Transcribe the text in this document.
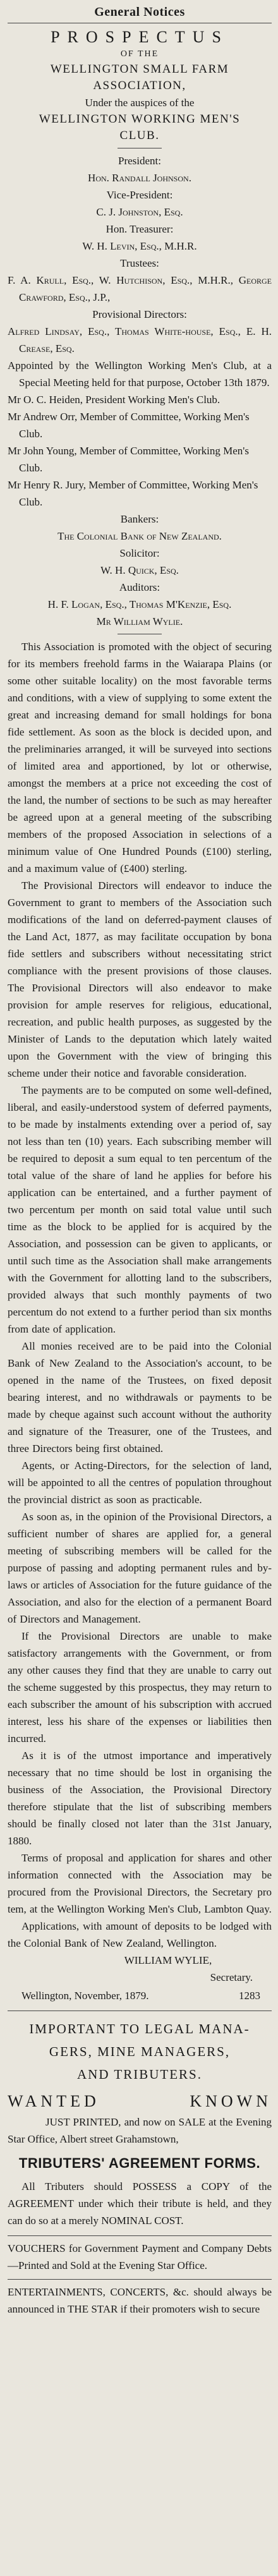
General Notices
PROSPECTUS
OF THE
WELLINGTON SMALL FARM
ASSOCIATION,
Under the auspices of the
WELLINGTON WORKING MEN'S
CLUB.
President:
Hon. Randall Johnson.
Vice-President:
C. J. Johnston, Esq.
Hon. Treasurer:
W. H. Levin, Esq., M.H.R.
Trustees:

F. A. Krull, Esq., W. Hutchison, Esq., M.H.R., George Crawford, Esq., J.P.,

Provisional Directors:

Alfred Lindsay, Esq., Thomas White-house, Esq., E. H. Crease, Esq.

Appointed by the Wellington Working Men's Club, at a Special Meeting held for that purpose, October 13th 1879.

Mr O. C. Heiden, President Working Men's Club.

Mr Andrew Orr, Member of Committee, Working Men's Club.

Mr John Young, Member of Committee, Working Men's Club.

Mr Henry R. Jury, Member of Committee, Working Men's Club.

Bankers:
The Colonial Bank of New Zealand.
Solicitor:
W. H. Quick, Esq.
Auditors:

H. F. Logan, Esq., Thomas M'Kenzie, Esq.

Mr William Wylie.

This Association is promoted with the object of securing for its members freehold farms in the Waiarapa Plains (or some other suitable locality) on the most favorable terms and conditions, with a view of supplying to some extent the great and increasing demand for small holdings for bona fide settlement. As soon as the block is decided upon, and the preliminaries arranged, it will be surveyed into sections of limited area and apportioned, by lot or otherwise, amongst the members at a price not exceeding the cost of the land, the number of sections to be such as may hereafter be agreed upon at a general meeting of the subscribing members of the proposed Association in selections of a minimum value of One Hundred Pounds (£100) sterling, and a maximum value of (£400) sterling.

The Provisional Directors will endeavor to induce the Government to grant to members of the Association such modifications of the land on deferred-payment clauses of the Land Act, 1877, as may facilitate occupation by bona fide settlers and subscribers without necessitating strict compliance with the present provisions of those clauses. The Provisional Directors will also endeavor to make provision for ample reserves for religious, educational, recreation, and public health purposes, as suggested by the Minister of Lands to the deputation which lately waited upon the Government with the view of bringing this scheme under their notice and favorable consideration.

The payments are to be computed on some well-defined, liberal, and easily-understood system of deferred payments, to be made by instalments extending over a period of, say not less than ten (10) years. Each subscribing member will be required to deposit a sum equal to ten percentum of the total value of the share of land he applies for before his application can be entertained, and a further payment of two percentum per month on said total value until such time as the block to be applied for is acquired by the Association, and possession can be given to applicants, or until such time as the Association shall make arrangements with the Government for allotting land to the subscribers, provided always that such monthly payments of two percentum do not extend to a further period than six months from date of application.

All monies received are to be paid into the Colonial Bank of New Zealand to the Association's account, to be opened in the name of the Trustees, on fixed deposit bearing interest, and no withdrawals or payments to be made by cheque against such account without the authority and signature of the Treasurer, one of the Trustees, and three Directors being first obtained.

Agents, or Acting-Directors, for the selection of land, will be appointed to all the centres of population throughout the provincial district as soon as practicable.

As soon as, in the opinion of the Provisional Directors, a sufficient number of shares are applied for, a general meeting of subscribing members will be called for the purpose of passing and adopting permanent rules and by-laws or articles of Association for the future guidance of the Association, and also for the election of a permanent Board of Directors and Management.

If the Provisional Directors are unable to make satisfactory arrangements with the Government, or from any other causes they find that they are unable to carry out the scheme suggested by this prospectus, they may return to each subscriber the amount of his subscription with accrued interest, less his share of the expenses or liabilities then incurred.

As it is of the utmost importance and imperatively necessary that no time should be lost in organising the business of the Association, the Provisional Directory therefore stipulate that the list of subscribing members should be finally closed not later than the 31st January, 1880.

Terms of proposal and application for shares and other information connected with the Association may be procured from the Provisional Directors, the Secretary pro tem, at the Wellington Working Men's Club, Lambton Quay.

Applications, with amount of deposits to be lodged with the Colonial Bank of New Zealand, Wellington.

WILLIAM WYLIE,
Secretary.
Wellington, November, 1879.	1283
IMPORTANT TO LEGAL MANA-
GERS, MINE MANAGERS,
AND TRIBUTERS.
WANTED KNOWN

JUST PRINTED, and now on SALE at the Evening Star Office, Albert street Grahamstown,

TRIBUTERS' AGREEMENT FORMS.

All Tributers should POSSESS a COPY of the AGREEMENT under which their tribute is held, and they can do so at a merely NOMINAL COST.

VOUCHERS for Government Payment and Company Debts—Printed and Sold at the Evening Star Office.

ENTERTAINMENTS, CONCERTS, &c. should always be announced in THE STAR if their promoters wish to secure
